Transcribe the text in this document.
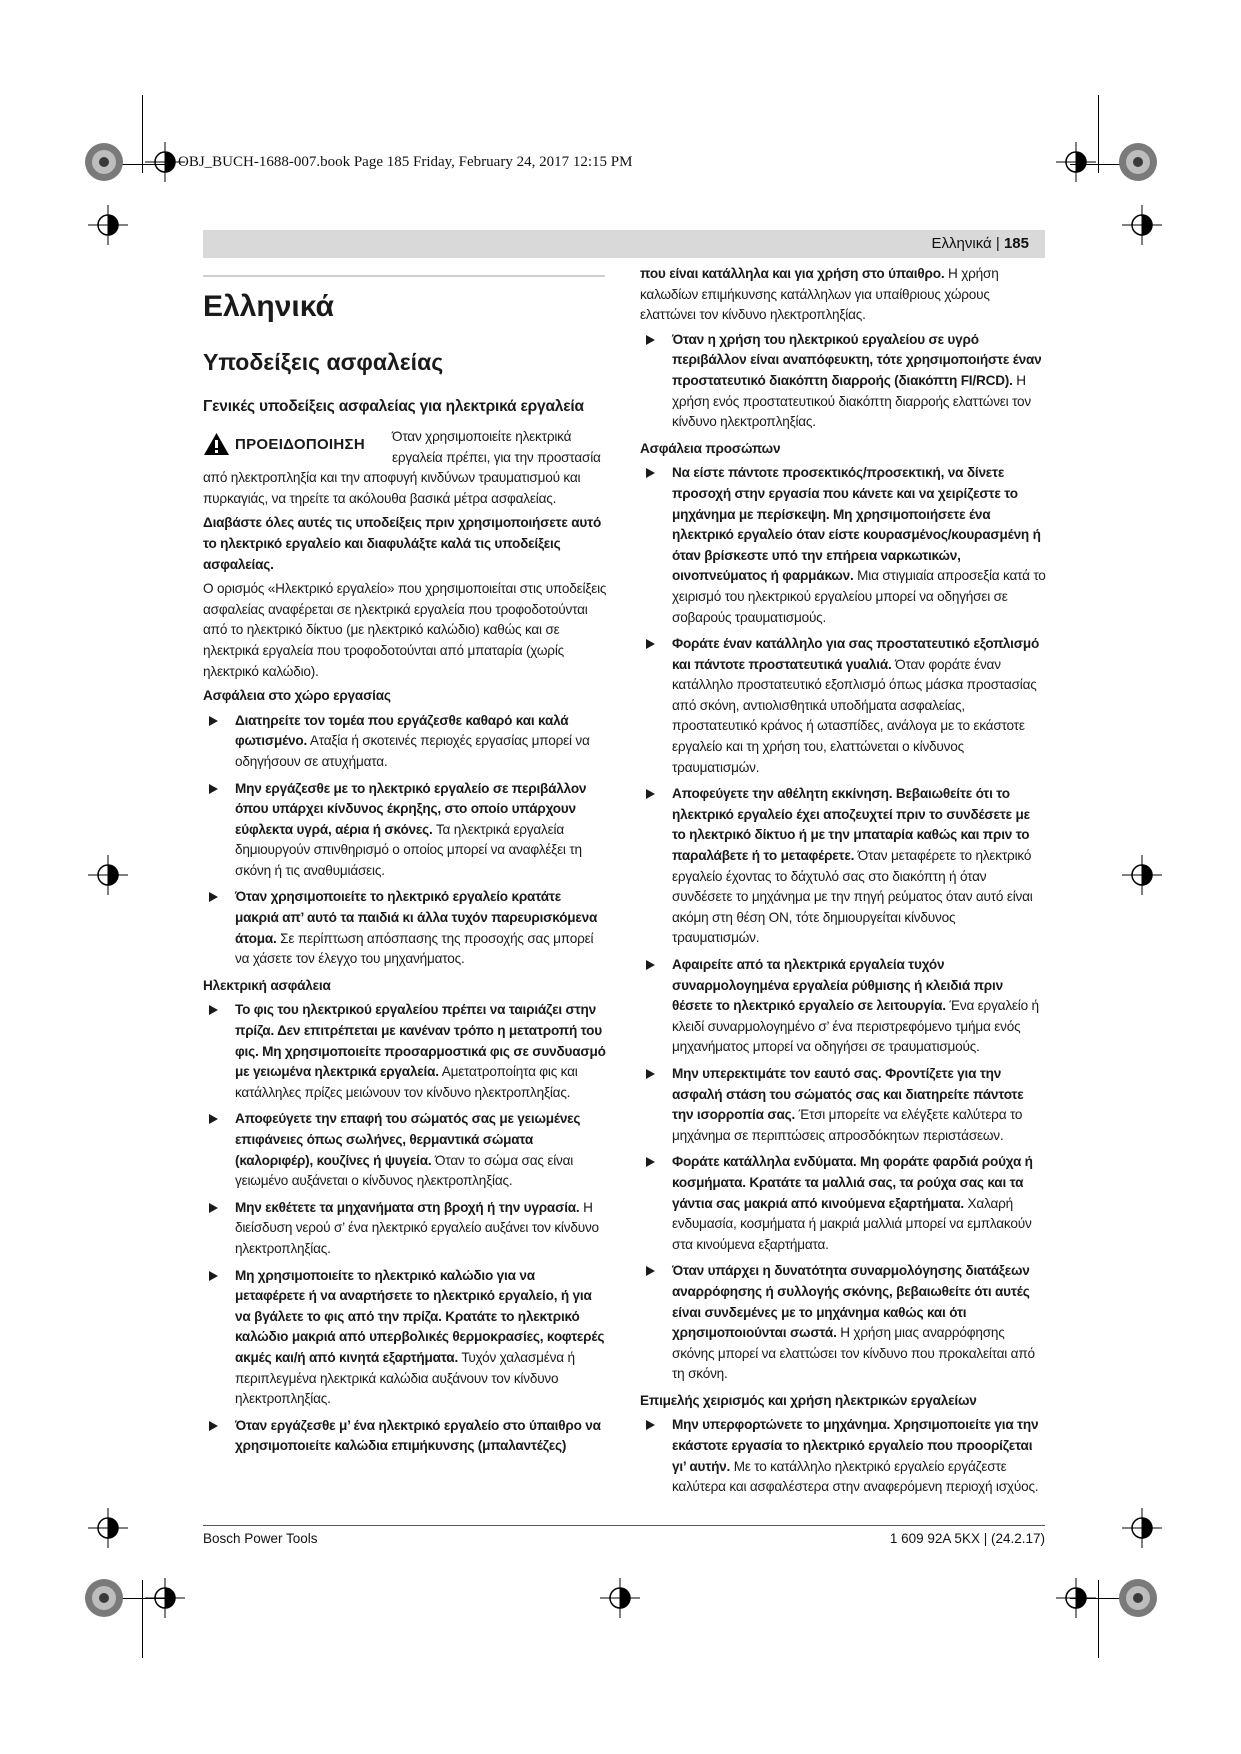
OBJ_BUCH-1688-007.book Page 185 Friday, February 24, 2017 12:15 PM
Ελληνικά | 185
Ελληνικά
Υποδείξεις ασφαλείας
Γενικές υποδείξεις ασφαλείας για ηλεκτρικά εργαλεία
ΠΡΟΕΙΔΟΠΟΙΗΣΗ Όταν χρησιμοποιείτε ηλεκτρικά εργαλεία πρέπει, για την προστασία από ηλεκτροπληξία και την αποφυγή κινδύνων τραυματισμού και πυρκαγιάς, να τηρείτε τα ακόλουθα βασικά μέτρα ασφαλείας.

Διαβάστε όλες αυτές τις υποδείξεις πριν χρησιμοποιήσετε αυτό το ηλεκτρικό εργαλείο και διαφυλάξτε καλά τις υποδείξεις ασφαλείας.

Ο ορισμός «Ηλεκτρικό εργαλείο» που χρησιμοποιείται στις υποδείξεις ασφαλείας αναφέρεται σε ηλεκτρικά εργαλεία που τροφοδοτούνται από το ηλεκτρικό δίκτυο (με ηλεκτρικό καλώδιο) καθώς και σε ηλεκτρικά εργαλεία που τροφοδοτούνται από μπαταρία (χωρίς ηλεκτρικό καλώδιο).

Ασφάλεια στο χώρο εργασίας

Διατηρείτε τον τομέα που εργάζεσθε καθαρό και καλά φωτισμένο. Αταξία ή σκοτεινές περιοχές εργασίας μπορεί να οδηγήσουν σε ατυχήματα.
Μην εργάζεσθε με το ηλεκτρικό εργαλείο σε περιβάλλον όπου υπάρχει κίνδυνος έκρηξης, στο οποίο υπάρχουν εύφλεκτα υγρά, αέρια ή σκόνες. Τα ηλεκτρικά εργαλεία δημιουργούν σπινθηρισμό ο οποίος μπορεί να αναφλέξει τη σκόνη ή τις αναθυμιάσεις.
Όταν χρησιμοποιείτε το ηλεκτρικό εργαλείο κρατάτε μακριά απ’ αυτό τα παιδιά κι άλλα τυχόν παρευρισκόμενα άτομα. Σε περίπτωση απόσπασης της προσοχής σας μπορεί να χάσετε τον έλεγχο του μηχανήματος.

Ηλεκτρική ασφάλεια

Το φις του ηλεκτρικού εργαλείου πρέπει να ταιριάζει στην πρίζα. Δεν επιτρέπεται με κανέναν τρόπο η μετατροπή του φις. Μη χρησιμοποιείτε προσαρμοστικά φις σε συνδυασμό με γειωμένα ηλεκτρικά εργαλεία. Αμετατροποίητα φις και κατάλληλες πρίζες μειώνουν τον κίνδυνο ηλεκτροπληξίας.
Αποφεύγετε την επαφή του σώματός σας με γειωμένες επιφάνειες όπως σωλήνες, θερμαντικά σώματα (καλοριφέρ), κουζίνες ή ψυγεία. Όταν το σώμα σας είναι γειωμένο αυξάνεται ο κίνδυνος ηλεκτροπληξίας.
Μην εκθέτετε τα μηχανήματα στη βροχή ή την υγρασία. Η διείσδυση νερού σ’ ένα ηλεκτρικό εργαλείο αυξάνει τον κίνδυνο ηλεκτροπληξίας.
Μη χρησιμοποιείτε το ηλεκτρικό καλώδιο για να μεταφέρετε ή να αναρτήσετε το ηλεκτρικό εργαλείο, ή για να βγάλετε το φις από την πρίζα. Κρατάτε το ηλεκτρικό καλώδιο μακριά από υπερβολικές θερμοκρασίες, κοφτερές ακμές και/ή από κινητά εξαρτήματα. Τυχόν χαλασμένα ή περιπλεγμένα ηλεκτρικά καλώδια αυξάνουν τον κίνδυνο ηλεκτροπληξίας.
Όταν εργάζεσθε μ’ ένα ηλεκτρικό εργαλείο στο ύπαιθρο να χρησιμοποιείτε καλώδια επιμήκυνσης (μπαλαντέζες)

που είναι κατάλληλα και για χρήση στο ύπαιθρο. Η χρήση καλωδίων επιμήκυνσης κατάλληλων για υπαίθριους χώρους ελαττώνει τον κίνδυνο ηλεκτροπληξίας.

Όταν η χρήση του ηλεκτρικού εργαλείου σε υγρό περιβάλλον είναι αναπόφευκτη, τότε χρησιμοποιήστε έναν προστατευτικό διακόπτη διαρροής (διακόπτη FI/RCD). Η χρήση ενός προστατευτικού διακόπτη διαρροής ελαττώνει τον κίνδυνο ηλεκτροπληξίας.

Ασφάλεια προσώπων

Να είστε πάντοτε προσεκτικός/προσεκτική, να δίνετε προσοχή στην εργασία που κάνετε και να χειρίζεστε το μηχάνημα με περίσκεψη. Μη χρησιμοποιήσετε ένα ηλεκτρικό εργαλείο όταν είστε κουρασμένος/κουρασμένη ή όταν βρίσκεστε υπό την επήρεια ναρκωτικών, οινοπνεύματος ή φαρμάκων. Μια στιγμιαία απροσεξία κατά το χειρισμό του ηλεκτρικού εργαλείου μπορεί να οδηγήσει σε σοβαρούς τραυματισμούς.
Φοράτε έναν κατάλληλο για σας προστατευτικό εξοπλισμό και πάντοτε προστατευτικά γυαλιά. Όταν φοράτε έναν κατάλληλο προστατευτικό εξοπλισμό όπως μάσκα προστασίας από σκόνη, αντιολισθητικά υποδήματα ασφαλείας, προστατευτικό κράνος ή ωτασπίδες, ανάλογα με το εκάστοτε εργαλείο και τη χρήση του, ελαττώνεται ο κίνδυνος τραυματισμών.
Αποφεύγετε την αθέλητη εκκίνηση. Βεβαιωθείτε ότι το ηλεκτρικό εργαλείο έχει αποζευχτεί πριν το συνδέσετε με το ηλεκτρικό δίκτυο ή με την μπαταρία καθώς και πριν το παραλάβετε ή το μεταφέρετε. Όταν μεταφέρετε το ηλεκτρικό εργαλείο έχοντας το δάχτυλό σας στο διακόπτη ή όταν συνδέσετε το μηχάνημα με την πηγή ρεύματος όταν αυτό είναι ακόμη στη θέση ON, τότε δημιουργείται κίνδυνος τραυματισμών.
Αφαιρείτε από τα ηλεκτρικά εργαλεία τυχόν συναρμολογημένα εργαλεία ρύθμισης ή κλειδιά πριν θέσετε το ηλεκτρικό εργαλείο σε λειτουργία. Ένα εργαλείο ή κλειδί συναρμολογημένο σ’ ένα περιστρεφόμενο τμήμα ενός μηχανήματος μπορεί να οδηγήσει σε τραυματισμούς.
Μην υπερεκτιμάτε τον εαυτό σας. Φροντίζετε για την ασφαλή στάση του σώματός σας και διατηρείτε πάντοτε την ισορροπία σας. Έτσι μπορείτε να ελέγξετε καλύτερα το μηχάνημα σε περιπτώσεις απροσδόκητων περιστάσεων.
Φοράτε κατάλληλα ενδύματα. Μη φοράτε φαρδιά ρούχα ή κοσμήματα. Κρατάτε τα μαλλιά σας, τα ρούχα σας και τα γάντια σας μακριά από κινούμενα εξαρτήματα. Χαλαρή ενδυμασία, κοσμήματα ή μακριά μαλλιά μπορεί να εμπλακούν στα κινούμενα εξαρτήματα.
Όταν υπάρχει η δυνατότητα συναρμολόγησης διατάξεων αναρρόφησης ή συλλογής σκόνης, βεβαιωθείτε ότι αυτές είναι συνδεμένες με το μηχάνημα καθώς και ότι χρησιμοποιούνται σωστά. Η χρήση μιας αναρρόφησης σκόνης μπορεί να ελαττώσει τον κίνδυνο που προκαλείται από τη σκόνη.

Επιμελής χειρισμός και χρήση ηλεκτρικών εργαλείων

Μην υπερφορτώνετε το μηχάνημα. Χρησιμοποιείτε για την εκάστοτε εργασία το ηλεκτρικό εργαλείο που προορίζεται γι’ αυτήν. Με το κατάλληλο ηλεκτρικό εργαλείο εργάζεστε καλύτερα και ασφαλέστερα στην αναφερόμενη περιοχή ισχύος.
Bosch Power Tools	1 609 92A 5KX | (24.2.17)
